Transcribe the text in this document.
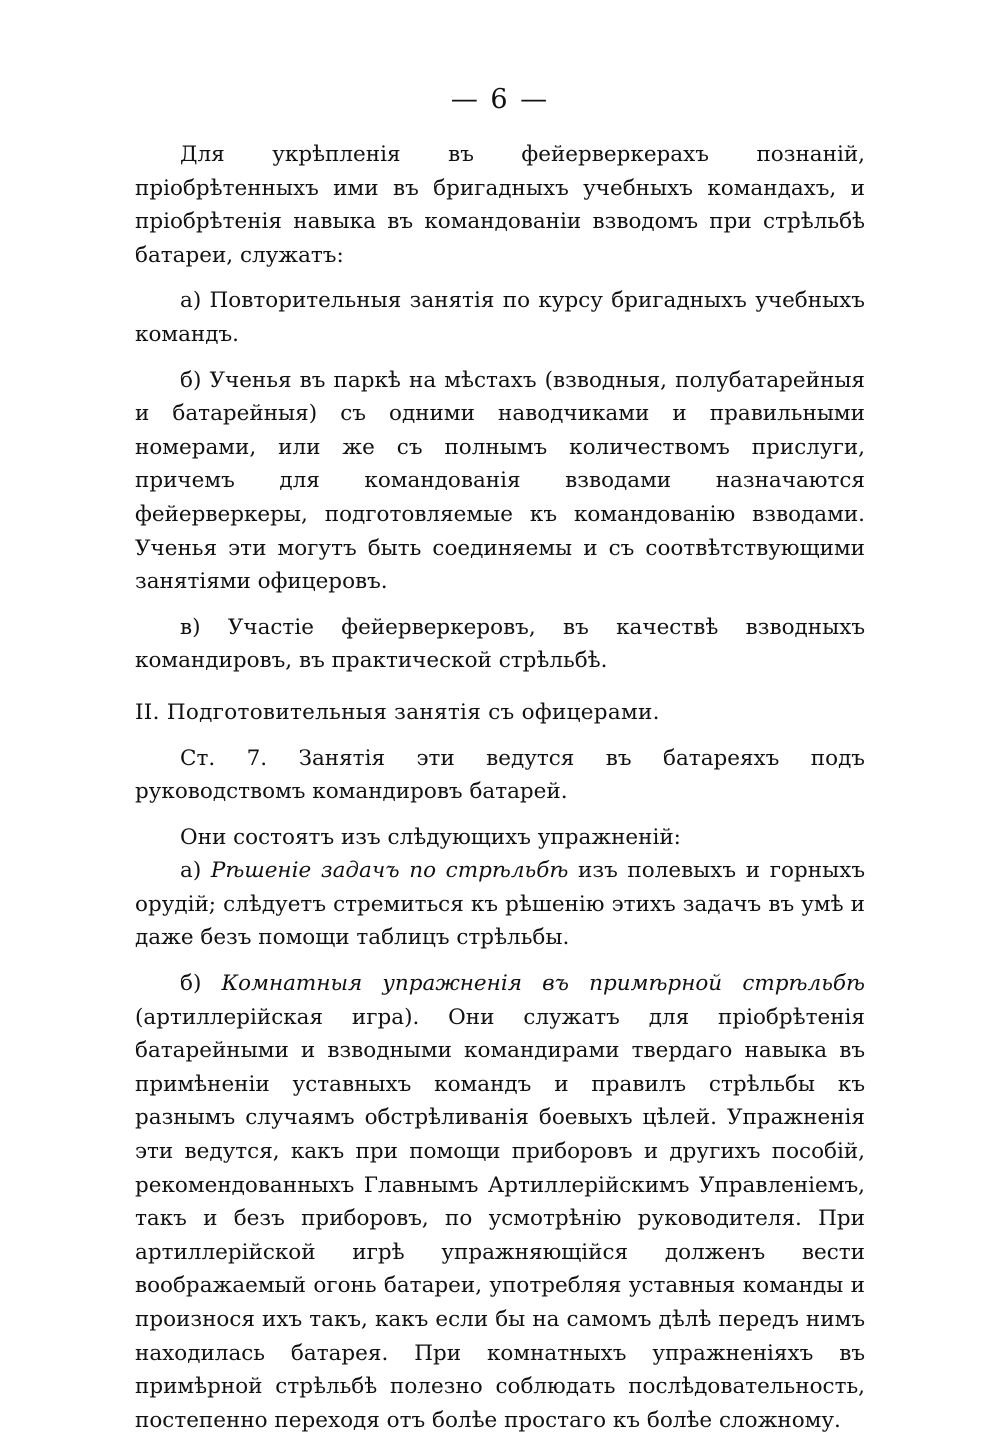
— 6 —

Для укрѣпленія въ фейерверкерахъ познаній, пріобрѣтенныхъ ими въ бригадныхъ учебныхъ командахъ, и пріобрѣтенія навыка въ командованіи взводомъ при стрѣльбѣ батареи, служатъ:

а) Повторительныя занятія по курсу бригадныхъ учебныхъ командъ.

б) Ученья въ паркѣ на мѣстахъ (взводныя, полубатарейныя и батарейныя) съ одними наводчиками и правильными номерами, или же съ полнымъ количествомъ прислуги, причемъ для командованія взводами назначаются фейерверкеры, подготовляемые къ командованію взводами. Ученья эти могутъ быть соединяемы и съ соотвѣтствующими занятіями офицеровъ.

в) Участіе фейерверкеровъ, въ качествѣ взводныхъ командировъ, въ практической стрѣльбѣ.

II. Подготовительныя занятія съ офицерами.

Ст. 7. Занятія эти ведутся въ батареяхъ подъ руководствомъ командировъ батарей.

Они состоятъ изъ слѣдующихъ упражненій:

а) Рѣшеніе задачъ по стрѣльбѣ изъ полевыхъ и горныхъ орудій; слѣдуетъ стремиться къ рѣшенію этихъ задачъ въ умѣ и даже безъ помощи таблицъ стрѣльбы.

б) Комнатныя упражненія въ примѣрной стрѣльбѣ (артиллерійская игра). Они служатъ для пріобрѣтенія батарейными и взводными командирами твердаго навыка въ примѣненіи уставныхъ командъ и правилъ стрѣльбы къ разнымъ случаямъ обстрѣливанія боевыхъ цѣлей. Упражненія эти ведутся, какъ при помощи приборовъ и другихъ пособій, рекомендованныхъ Главнымъ Артиллерійскимъ Управленіемъ, такъ и безъ приборовъ, по усмотрѣнію руководителя. При артиллерійской игрѣ упражняющійся долженъ вести воображаемый огонь батареи, употребляя уставныя команды и произнося ихъ такъ, какъ если бы на самомъ дѣлѣ передъ нимъ находилась батарея. При комнатныхъ упражненіяхъ въ примѣрной стрѣльбѣ полезно соблюдать послѣдовательность, постепенно переходя отъ болѣе простаго къ болѣе сложному.
